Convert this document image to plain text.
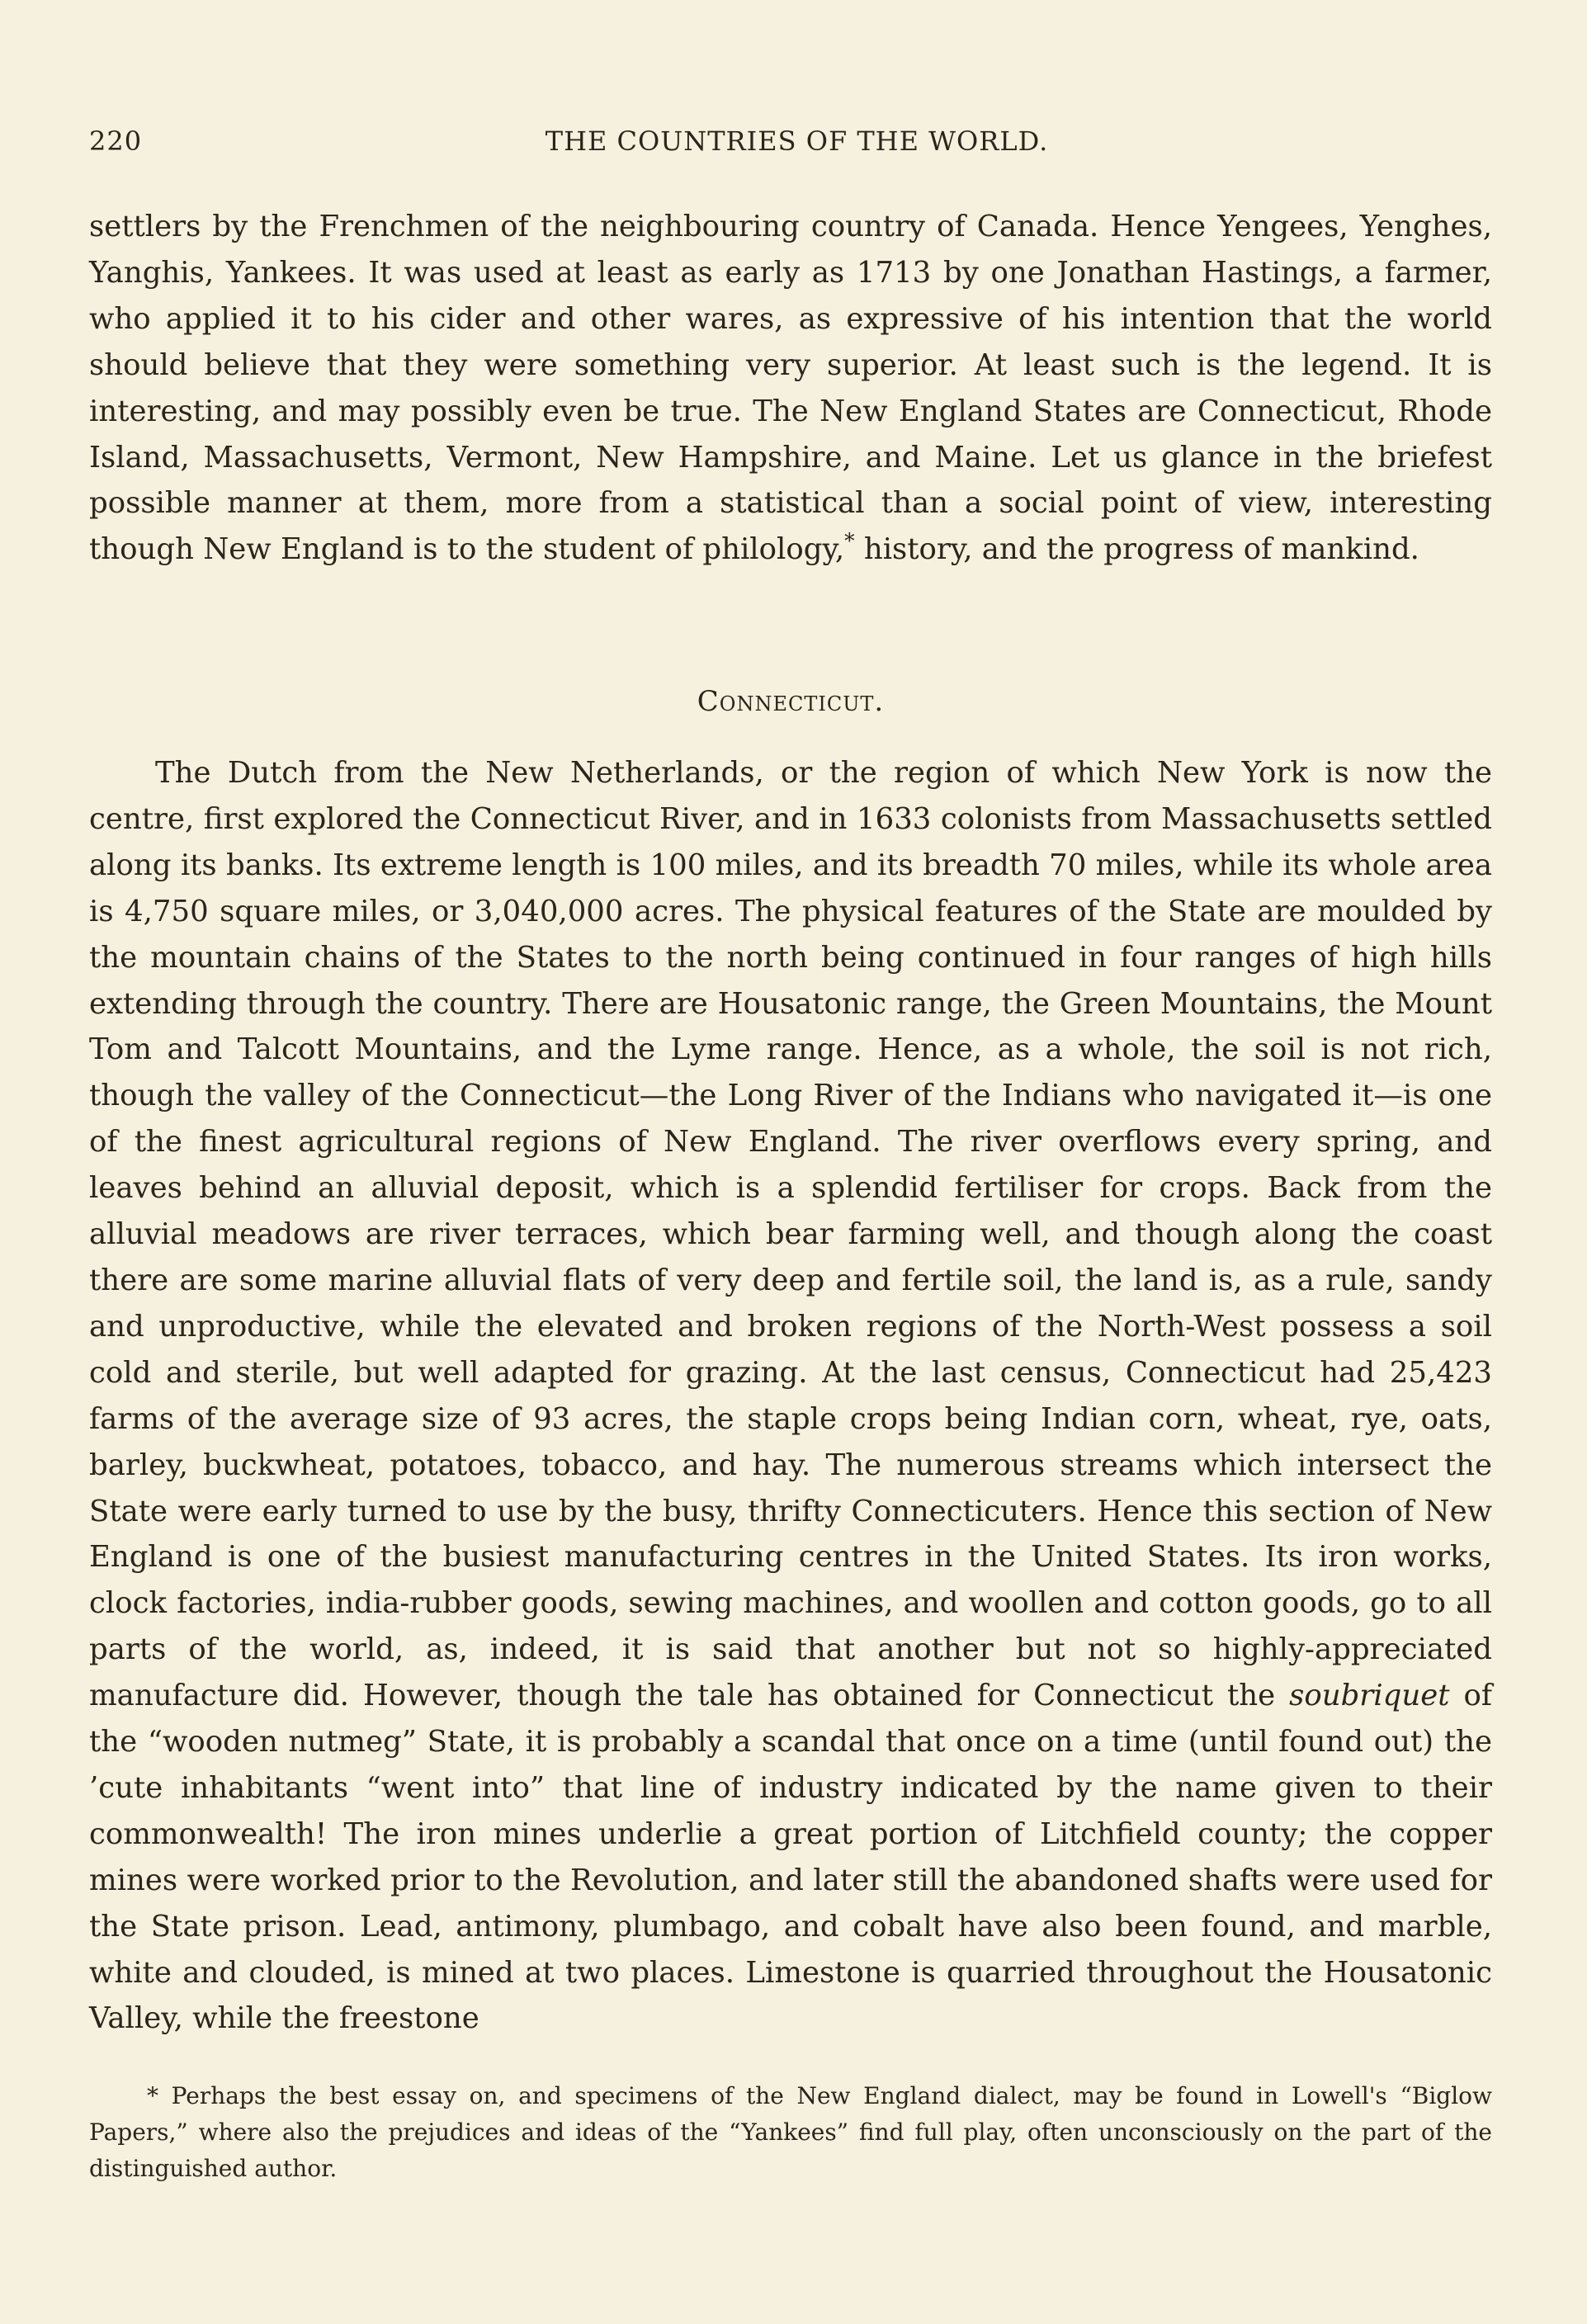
220	THE COUNTRIES OF THE WORLD.
settlers by the Frenchmen of the neighbouring country of Canada. Hence Yengees, Yenghes, Yanghis, Yankees. It was used at least as early as 1713 by one Jonathan Hastings, a farmer, who applied it to his cider and other wares, as expressive of his intention that the world should believe that they were something very superior. At least such is the legend. It is interesting, and may possibly even be true. The New England States are Connecticut, Rhode Island, Massachusetts, Vermont, New Hampshire, and Maine. Let us glance in the briefest possible manner at them, more from a statistical than a social point of view, interesting though New England is to the student of philology,* history, and the progress of mankind.
Connecticut.
The Dutch from the New Netherlands, or the region of which New York is now the centre, first explored the Connecticut River, and in 1633 colonists from Massachusetts settled along its banks. Its extreme length is 100 miles, and its breadth 70 miles, while its whole area is 4,750 square miles, or 3,040,000 acres. The physical features of the State are moulded by the mountain chains of the States to the north being continued in four ranges of high hills extending through the country. There are Housatonic range, the Green Mountains, the Mount Tom and Talcott Mountains, and the Lyme range. Hence, as a whole, the soil is not rich, though the valley of the Connecticut—the Long River of the Indians who navigated it—is one of the finest agricultural regions of New England. The river overflows every spring, and leaves behind an alluvial deposit, which is a splendid fertiliser for crops. Back from the alluvial meadows are river terraces, which bear farming well, and though along the coast there are some marine alluvial flats of very deep and fertile soil, the land is, as a rule, sandy and unproductive, while the elevated and broken regions of the North-West possess a soil cold and sterile, but well adapted for grazing. At the last census, Connecticut had 25,423 farms of the average size of 93 acres, the staple crops being Indian corn, wheat, rye, oats, barley, buckwheat, potatoes, tobacco, and hay. The numerous streams which intersect the State were early turned to use by the busy, thrifty Connecticuters. Hence this section of New England is one of the busiest manufacturing centres in the United States. Its iron works, clock factories, india-rubber goods, sewing machines, and woollen and cotton goods, go to all parts of the world, as, indeed, it is said that another but not so highly-appreciated manufacture did. However, though the tale has obtained for Connecticut the soubriquet of the “wooden nutmeg” State, it is probably a scandal that once on a time (until found out) the ’cute inhabitants “went into” that line of industry indicated by the name given to their commonwealth! The iron mines underlie a great portion of Litchfield county; the copper mines were worked prior to the Revolution, and later still the abandoned shafts were used for the State prison. Lead, antimony, plumbago, and cobalt have also been found, and marble, white and clouded, is mined at two places. Limestone is quarried throughout the Housatonic Valley, while the freestone
* Perhaps the best essay on, and specimens of the New England dialect, may be found in Lowell's “Biglow Papers,” where also the prejudices and ideas of the “Yankees” find full play, often unconsciously on the part of the distinguished author.
